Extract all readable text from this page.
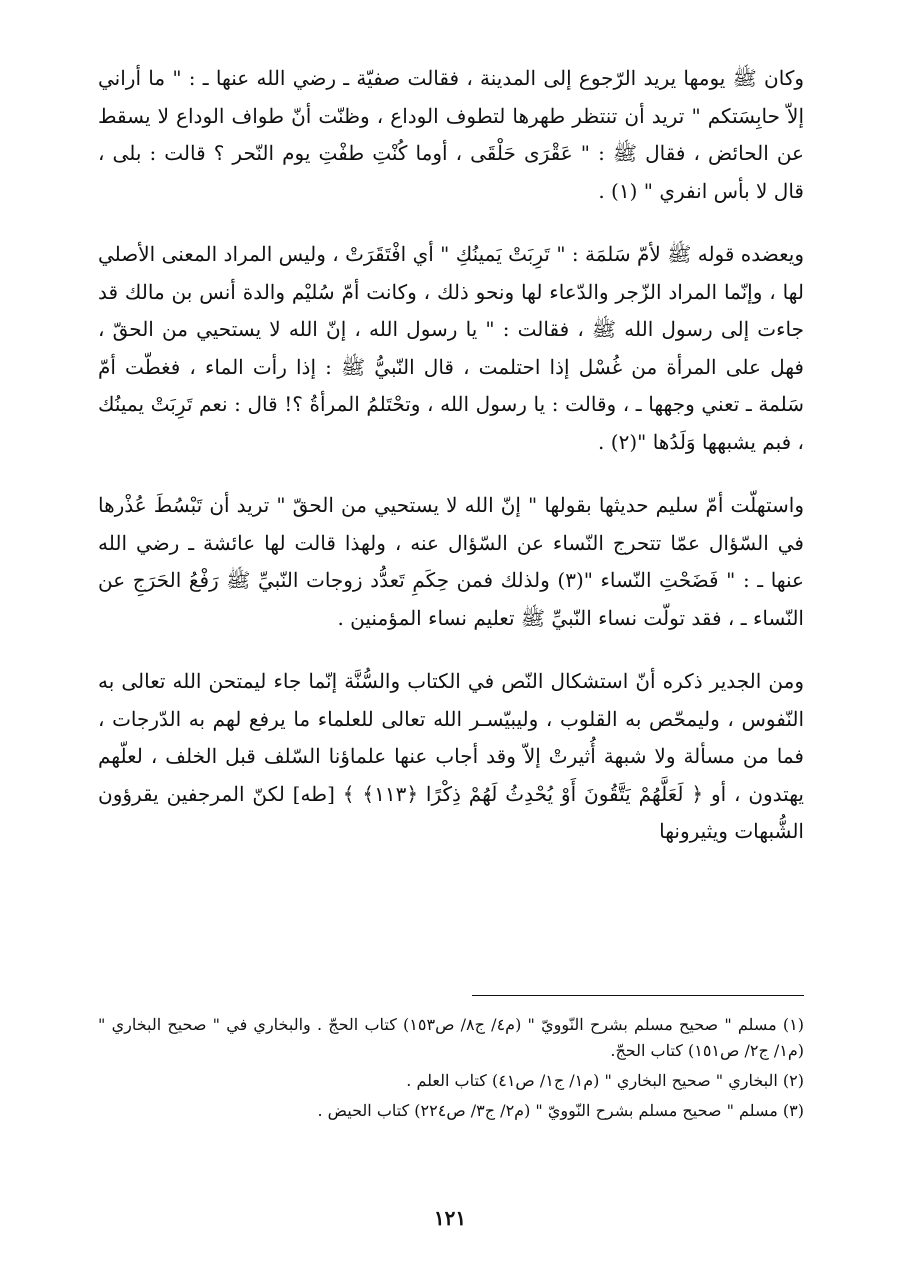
وكان ﷺ يومها يريد الرّجوع إلى المدينة ، فقالت صفيّة ـ رضي الله عنها ـ : " ما أراني إلاّ حابِسَتكم " تريد أن تنتظر طهرها لتطوف الوداع ، وظنّت أنّ طواف الوداع لا يسقط عن الحائض ، فقال ﷺ : " عَقْرَى حَلْقَى ، أوما كُنْتِ طفْتِ يوم النّحر ؟ قالت : بلى ، قال لا بأس انفري " (١) .

ويعضده قوله ﷺ لأمّ سَلمَة : " تَرِبَتْ يَمينُكِ " أي افْتَقَرَتْ ، وليس المراد المعنى الأصلي لها ، وإنّما المراد الزّجر والدّعاء لها ونحو ذلك ، وكانت أمّ سُليْم والدة أنس بن مالك قد جاءت إلى رسول الله ﷺ ، فقالت : " يا رسول الله ، إنّ الله لا يستحيي من الحقّ ، فهل على المرأة من غُسْل إذا احتلمت ، قال النّبيُّ ﷺ : إذا رأت الماء ، فغطّت أمّ سَلمة ـ تعني وجهها ـ ، وقالت : يا رسول الله ، وتحْتَلمُ المرأةُ ؟! قال : نعم تَرِبَتْ يمينُك ، فبم يشبهها وَلَدُها "(٢) .

واستهلّت أمّ سليم حديثها بقولها " إنّ الله لا يستحيي من الحقّ " تريد أن تَبْسُطَ عُذْرها في السّؤال عمّا تتحرج النّساء عن السّؤال عنه ، ولهذا قالت لها عائشة ـ رضي الله عنها ـ : " فَضَحْتِ النّساء "(٣) ولذلك فمن حِكَمِ تَعدُّد زوجات النّبيِّ ﷺ رَفْعُ الحَرَجِ عن النّساء ـ ، فقد تولّت نساء النّبيِّ ﷺ تعليم نساء المؤمنين .

ومن الجدير ذكره أنّ استشكال النّص في الكتاب والسُّنَّة إنّما جاء ليمتحن الله تعالى به النّفوس ، وليمحّص به القلوب ، وليبيّسـر الله تعالى للعلماء ما يرفع لهم به الدّرجات ، فما من مسألة ولا شبهة أُثيرتْ إلاّ وقد أجاب عنها علماؤنا السّلف قبل الخلف ، لعلّهم يهتدون ، أو ﴿ لَعَلَّهُمْ يَتَّقُونَ أَوْ يُحْدِثُ لَهُمْ ذِكْرًا ﴿١١٣﴾ ﴾ [طه] لكنّ المرجفين يقرؤون الشُّبهات ويثيرونها

(١) مسلم " صحيح مسلم بشرح النّوويّ " (م٤/ ج٨/ ص١٥٣) كتاب الحجّ . والبخاري في " صحيح البخاري " (م١/ ج٢/ ص١٥١) كتاب الحجّ.

(٢) البخاري " صحيح البخاري " (م١/ ج١/ ص٤١) كتاب العلم .

(٣) مسلم " صحيح مسلم بشرح النّوويّ " (م٢/ ج٣/ ص٢٢٤) كتاب الحيض .

١٢١
